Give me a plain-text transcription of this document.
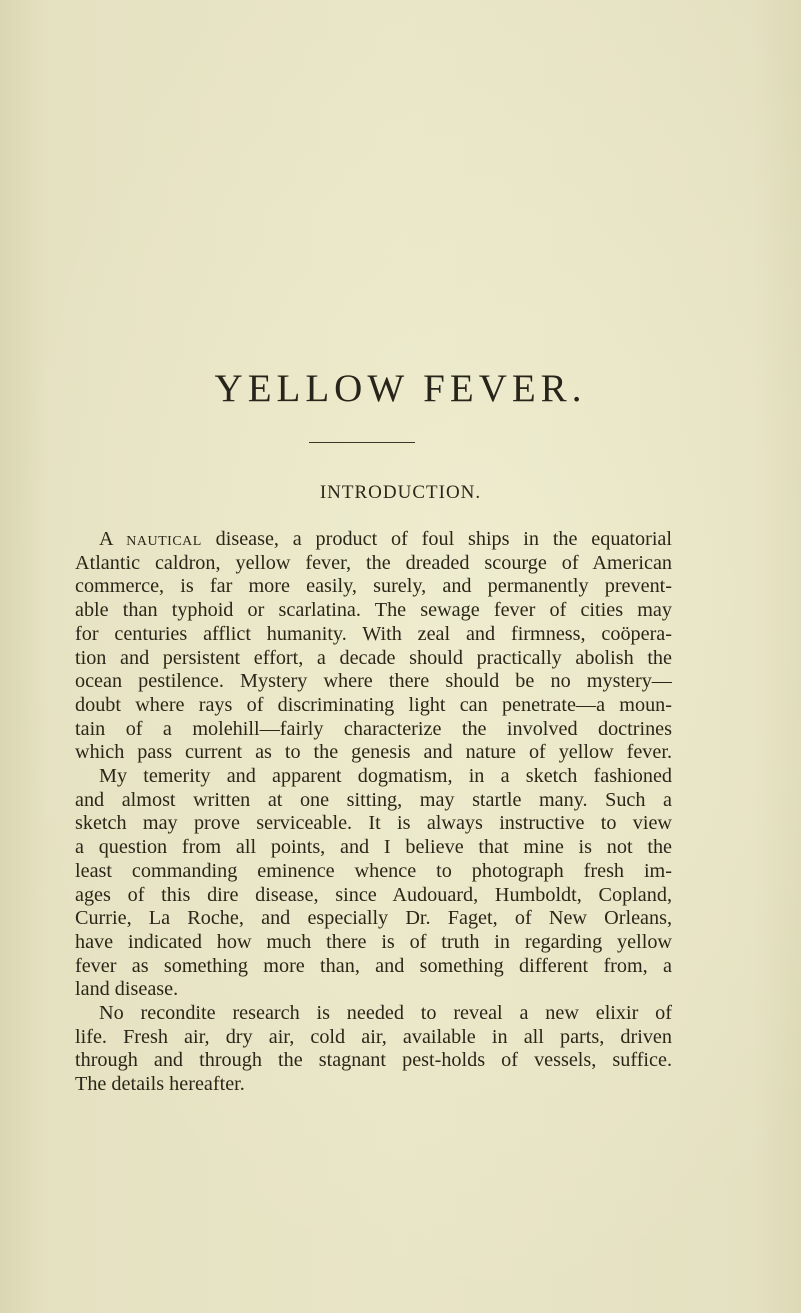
YELLOW FEVER.
INTRODUCTION.
A nautical disease, a product of foul ships in the equatorial
Atlantic caldron, yellow fever, the dreaded scourge of American
commerce, is far more easily, surely, and permanently prevent-
able than typhoid or scarlatina. The sewage fever of cities may
for centuries afflict humanity. With zeal and firmness, coöpera-
tion and persistent effort, a decade should practically abolish the
ocean pestilence. Mystery where there should be no mystery—
doubt where rays of discriminating light can penetrate—a moun-
tain of a molehill—fairly characterize the involved doctrines
which pass current as to the genesis and nature of yellow fever.
My temerity and apparent dogmatism, in a sketch fashioned
and almost written at one sitting, may startle many. Such a
sketch may prove serviceable. It is always instructive to view
a question from all points, and I believe that mine is not the
least commanding eminence whence to photograph fresh im-
ages of this dire disease, since Audouard, Humboldt, Copland,
Currie, La Roche, and especially Dr. Faget, of New Orleans,
have indicated how much there is of truth in regarding yellow
fever as something more than, and something different from, a
land disease.
No recondite research is needed to reveal a new elixir of
life. Fresh air, dry air, cold air, available in all parts, driven
through and through the stagnant pest-holds of vessels, suffice.
The details hereafter.
